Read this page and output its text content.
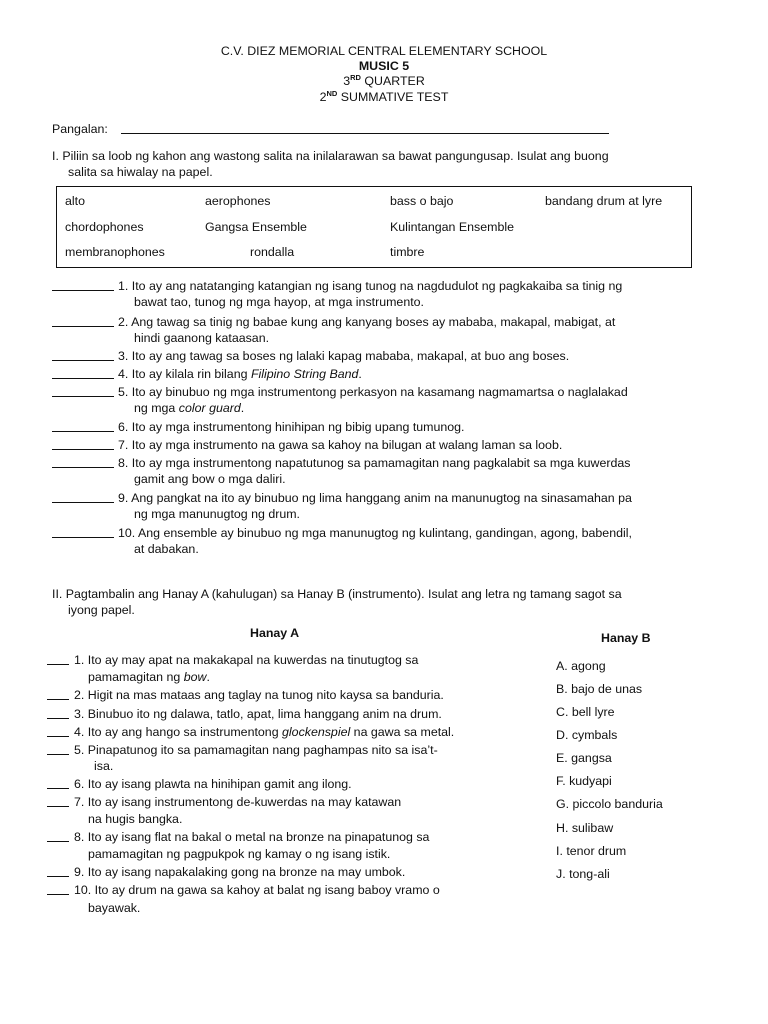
C.V. DIEZ MEMORIAL CENTRAL ELEMENTARY SCHOOL
MUSIC 5
3RD QUARTER
2ND SUMMATIVE TEST
Pangalan:
I. Piliin sa loob ng kahon ang wastong salita na inilalarawan sa bawat pangungusap. Isulat ang buong
salita sa hiwalay na papel.
alto	aerophones	bass o bajo	bandang drum at lyre
chordophones	Gangsa Ensemble	Kulintangan Ensemble
membranophones	rondalla	timbre
1. Ito ay ang natatanging katangian ng isang tunog na nagdudulot ng pagkakaiba sa tinig ng
bawat tao, tunog ng mga hayop, at mga instrumento.
2. Ang tawag sa tinig ng babae kung ang kanyang boses ay mababa, makapal, mabigat, at
hindi gaanong kataasan.
3. Ito ay ang tawag sa boses ng lalaki kapag mababa, makapal, at buo ang boses.
4. Ito ay kilala rin bilang Filipino String Band.
5. Ito ay binubuo ng mga instrumentong perkasyon na kasamang nagmamartsa o naglalakad
ng mga color guard.
6. Ito ay mga instrumentong hinihipan ng bibig upang tumunog.
7. Ito ay mga instrumento na gawa sa kahoy na bilugan at walang laman sa loob.
8. Ito ay mga instrumentong napatutunog sa pamamagitan nang pagkalabit sa mga kuwerdas
gamit ang bow o mga daliri.
9. Ang pangkat na ito ay binubuo ng lima hanggang anim na manunugtog na sinasamahan pa
ng mga manunugtog ng drum.
10. Ang ensemble ay binubuo ng mga manunugtog ng kulintang, gandingan, agong, babendil,
at dabakan.
II. Pagtambalin ang Hanay A (kahulugan) sa Hanay B (instrumento). Isulat ang letra ng tamang sagot sa
iyong papel.
Hanay A	Hanay B
1. Ito ay may apat na makakapal na kuwerdas na tinutugtog sa
pamamagitan ng bow.
2. Higit na mas mataas ang taglay na tunog nito kaysa sa banduria.
3. Binubuo ito ng dalawa, tatlo, apat, lima hanggang anim na drum.
4. Ito ay ang hango sa instrumentong glockenspiel na gawa sa metal.
5. Pinapatunog ito sa pamamagitan nang paghampas nito sa isa’t-
isa.
6. Ito ay isang plawta na hinihipan gamit ang ilong.
7. Ito ay isang instrumentong de-kuwerdas na may katawan
na hugis bangka.
8. Ito ay isang flat na bakal o metal na bronze na pinapatunog sa
pamamagitan ng pagpukpok ng kamay o ng isang istik.
9. Ito ay isang napakalaking gong na bronze na may umbok.
10. Ito ay drum na gawa sa kahoy at balat ng isang baboy vramo o
bayawak.
A. agong
B. bajo de unas
C. bell lyre
D. cymbals
E. gangsa
F. kudyapi
G. piccolo banduria
H. sulibaw
I. tenor drum
J. tong-ali
